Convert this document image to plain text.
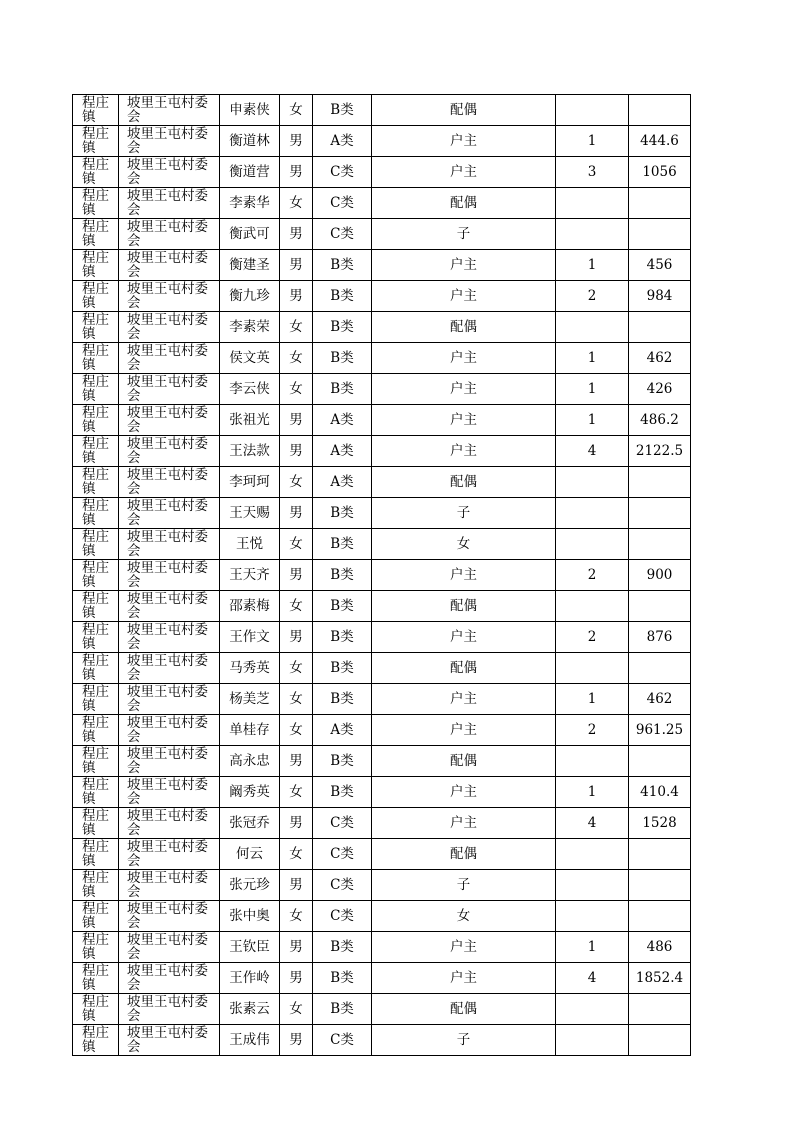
程庄镇	坡里王屯村委会	申素侠	女	B类	配偶		

程庄镇	坡里王屯村委会	衡道林	男	A类	户主	1	444.6

程庄镇	坡里王屯村委会	衡道营	男	C类	户主	3	1056

程庄镇	坡里王屯村委会	李素华	女	C类	配偶		

程庄镇	坡里王屯村委会	衡武可	男	C类	子		

程庄镇	坡里王屯村委会	衡建圣	男	B类	户主	1	456

程庄镇	坡里王屯村委会	衡九珍	男	B类	户主	2	984

程庄镇	坡里王屯村委会	李素荣	女	B类	配偶		

程庄镇	坡里王屯村委会	侯文英	女	B类	户主	1	462

程庄镇	坡里王屯村委会	李云侠	女	B类	户主	1	426

程庄镇	坡里王屯村委会	张祖光	男	A类	户主	1	486.2

程庄镇	坡里王屯村委会	王法款	男	A类	户主	4	2122.5

程庄镇	坡里王屯村委会	李珂珂	女	A类	配偶		

程庄镇	坡里王屯村委会	王天赐	男	B类	子		

程庄镇	坡里王屯村委会	王悦	女	B类	女		

程庄镇	坡里王屯村委会	王天齐	男	B类	户主	2	900

程庄镇	坡里王屯村委会	邵素梅	女	B类	配偶		

程庄镇	坡里王屯村委会	王作文	男	B类	户主	2	876

程庄镇	坡里王屯村委会	马秀英	女	B类	配偶		

程庄镇	坡里王屯村委会	杨美芝	女	B类	户主	1	462

程庄镇	坡里王屯村委会	单桂存	女	A类	户主	2	961.25

程庄镇	坡里王屯村委会	高永忠	男	B类	配偶		

程庄镇	坡里王屯村委会	阚秀英	女	B类	户主	1	410.4

程庄镇	坡里王屯村委会	张冠乔	男	C类	户主	4	1528

程庄镇	坡里王屯村委会	何云	女	C类	配偶		

程庄镇	坡里王屯村委会	张元珍	男	C类	子		

程庄镇	坡里王屯村委会	张中奥	女	C类	女		

程庄镇	坡里王屯村委会	王钦臣	男	B类	户主	1	486

程庄镇	坡里王屯村委会	王作岭	男	B类	户主	4	1852.4

程庄镇	坡里王屯村委会	张素云	女	B类	配偶		

程庄镇	坡里王屯村委会	王成伟	男	C类	子		
